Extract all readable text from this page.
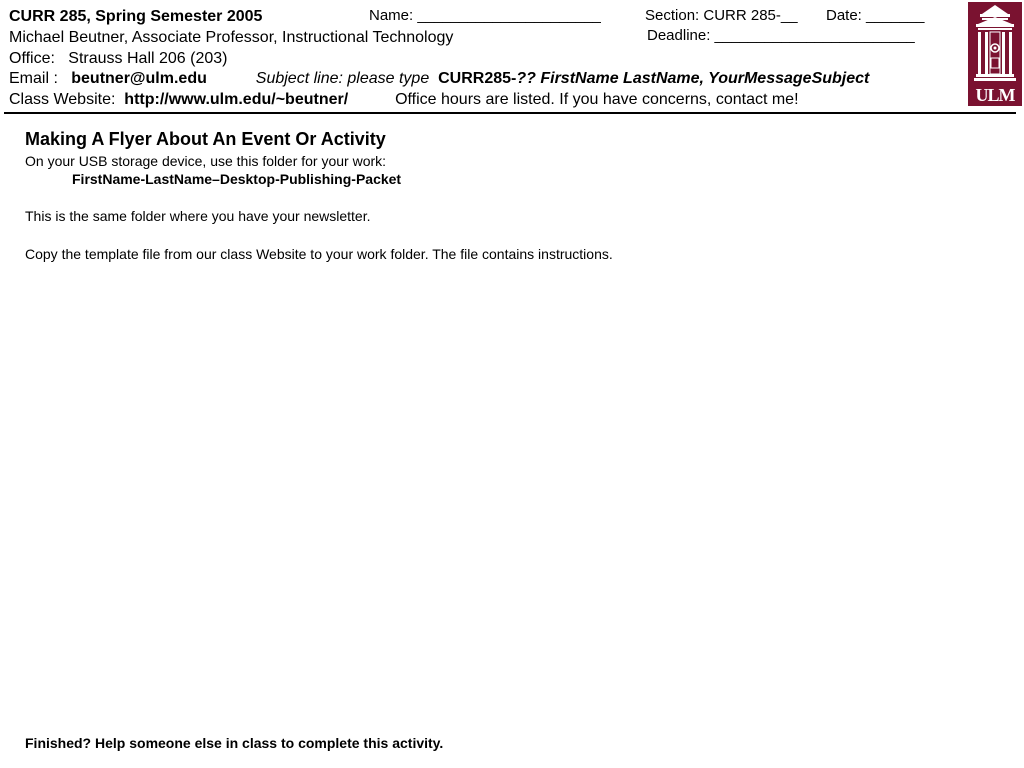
CURR 285, Spring Semester 2005	Name: ______________________	Section: CURR 285-__ Date: _______
Deadline: ________________________
Michael Beutner, Associate Professor, Instructional Technology
Office: Strauss Hall 206 (203)
Email : beutner@ulm.edu	Subject line: please type CURR285-?? FirstName LastName, YourMessageSubject
Class Website: http://www.ulm.edu/~beutner/	Office hours are listed. If you have concerns, contact me!	ULM
Making A Flyer About An Event Or Activity
On your USB storage device, use this folder for your work:
FirstName-LastName–Desktop-Publishing-Packet
This is the same folder where you have your newsletter.
Copy the template file from our class Website to your work folder. The file contains instructions.
Finished? Help someone else in class to complete this activity.
